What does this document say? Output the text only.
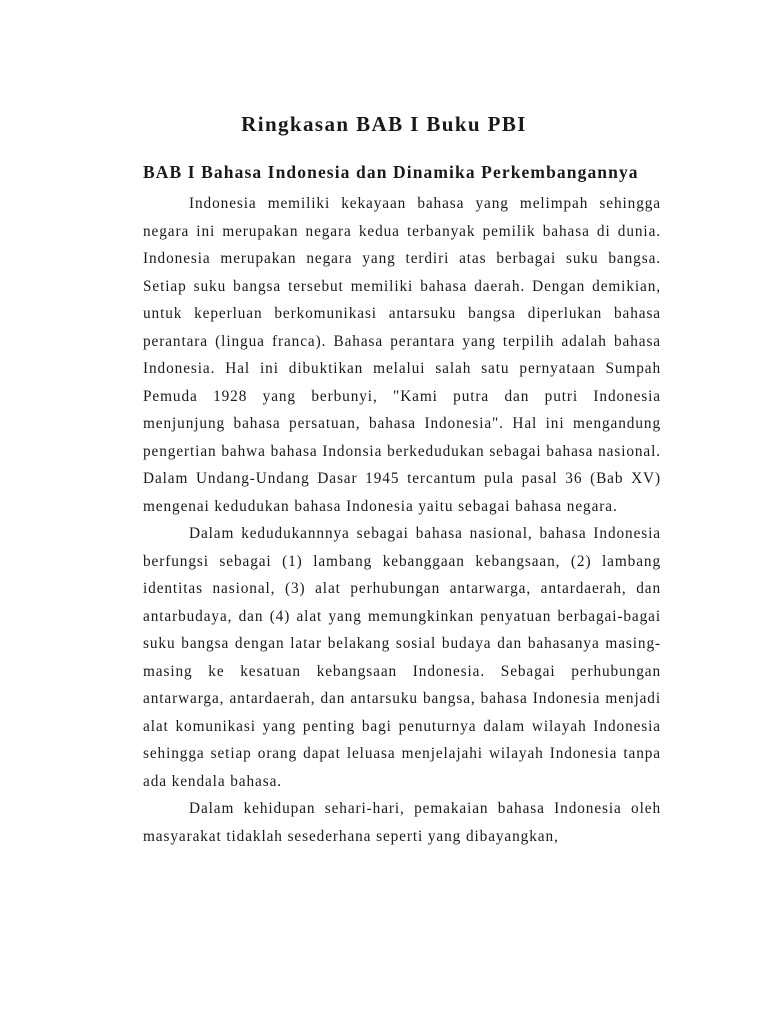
Ringkasan BAB I Buku PBI
BAB I Bahasa Indonesia dan Dinamika Perkembangannya

Indonesia memiliki kekayaan bahasa yang melimpah sehingga negara ini merupakan negara kedua terbanyak pemilik bahasa di dunia. Indonesia merupakan negara yang terdiri atas berbagai suku bangsa. Setiap suku bangsa tersebut memiliki bahasa daerah. Dengan demikian, untuk keperluan berkomunikasi antarsuku bangsa diperlukan bahasa perantara (lingua franca). Bahasa perantara yang terpilih adalah bahasa Indonesia. Hal ini dibuktikan melalui salah satu pernyataan Sumpah Pemuda 1928 yang berbunyi, "Kami putra dan putri Indonesia menjunjung bahasa persatuan, bahasa Indonesia". Hal ini mengandung pengertian bahwa bahasa Indonsia berkedudukan sebagai bahasa nasional. Dalam Undang-Undang Dasar 1945 tercantum pula pasal 36 (Bab XV) mengenai kedudukan bahasa Indonesia yaitu sebagai bahasa negara.

Dalam kedudukannnya sebagai bahasa nasional, bahasa Indonesia berfungsi sebagai (1) lambang kebanggaan kebangsaan, (2) lambang identitas nasional, (3) alat perhubungan antarwarga, antardaerah, dan antarbudaya, dan (4) alat yang memungkinkan penyatuan berbagai-bagai suku bangsa dengan latar belakang sosial budaya dan bahasanya masing-masing ke kesatuan kebangsaan Indonesia. Sebagai perhubungan antarwarga, antardaerah, dan antarsuku bangsa, bahasa Indonesia menjadi alat komunikasi yang penting bagi penuturnya dalam wilayah Indonesia sehingga setiap orang dapat leluasa menjelajahi wilayah Indonesia tanpa ada kendala bahasa.

Dalam kehidupan sehari-hari, pemakaian bahasa Indonesia oleh masyarakat tidaklah sesederhana seperti yang dibayangkan,
